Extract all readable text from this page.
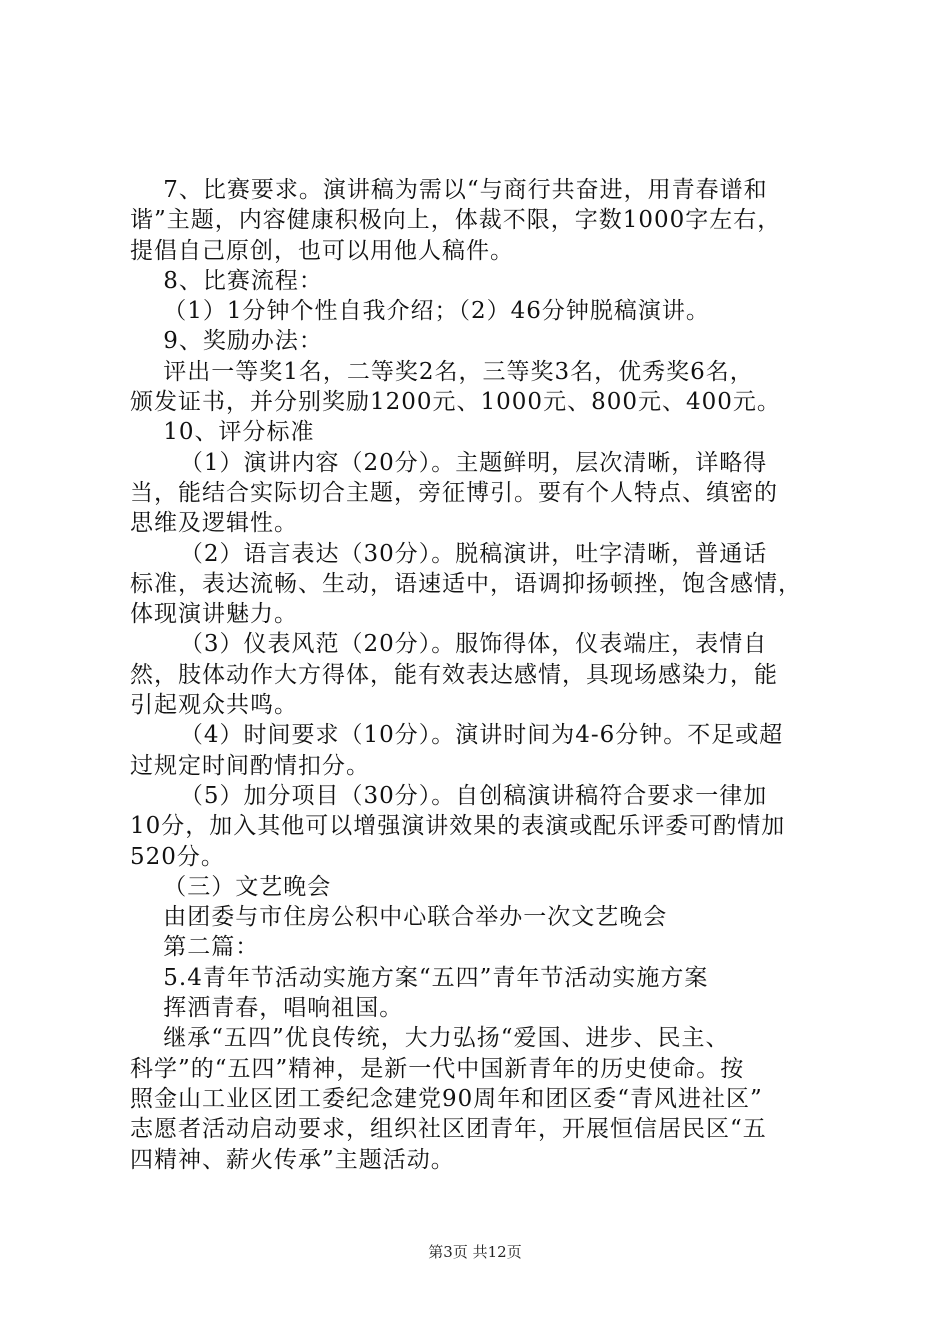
7、比赛要求。演讲稿为需以“与商行共奋进，用青春谱和
谐”主题，内容健康积极向上，体裁不限，字数1000字左右，
提倡自己原创，也可以用他人稿件。
8、比赛流程：
（1）1分钟个性自我介绍；（2）46分钟脱稿演讲。
9、奖励办法：
评出一等奖1名，二等奖2名，三等奖3名，优秀奖6名，
颁发证书，并分别奖励1200元、1000元、800元、400元。
10、评分标准
（1）演讲内容（20分）。主题鲜明，层次清晰，详略得
当，能结合实际切合主题，旁征博引。要有个人特点、缜密的
思维及逻辑性。
（2）语言表达（30分）。脱稿演讲，吐字清晰，普通话
标准，表达流畅、生动，语速适中，语调抑扬顿挫，饱含感情，
体现演讲魅力。
（3）仪表风范（20分）。服饰得体，仪表端庄，表情自
然，肢体动作大方得体，能有效表达感情，具现场感染力，能
引起观众共鸣。
（4）时间要求（10分）。演讲时间为4-6分钟。不足或超
过规定时间酌情扣分。
（5）加分项目（30分）。自创稿演讲稿符合要求一律加
10分，加入其他可以增强演讲效果的表演或配乐评委可酌情加
520分。
（三）文艺晚会
由团委与市住房公积中心联合举办一次文艺晚会
第二篇：
5.4青年节活动实施方案“五四”青年节活动实施方案
挥洒青春，唱响祖国。
继承“五四”优良传统，大力弘扬“爱国、进步、民主、
科学”的“五四”精神，是新一代中国新青年的历史使命。按
照金山工业区团工委纪念建党90周年和团区委“青风进社区”
志愿者活动启动要求，组织社区团青年，开展恒信居民区“五
四精神、薪火传承”主题活动。
第3页 共12页
